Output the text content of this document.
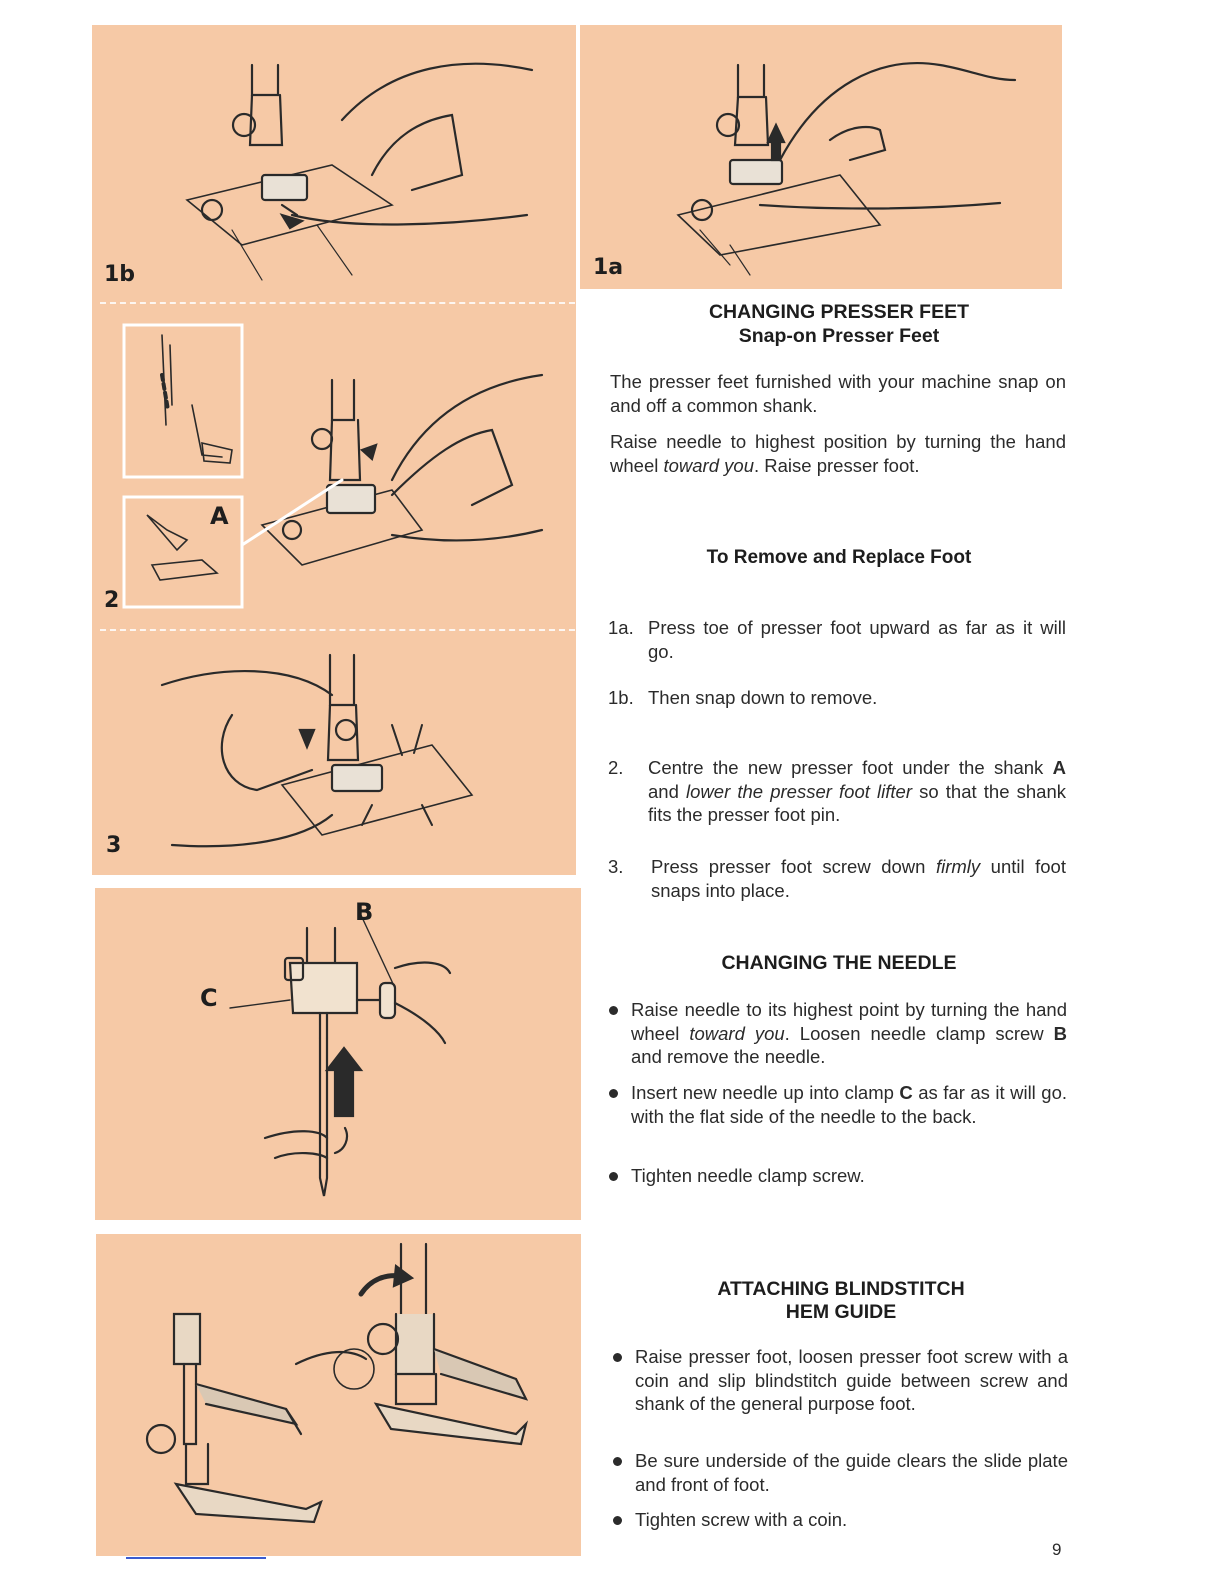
1b
2
3
A
B
C
1a
CHANGING PRESSER FEET
Snap-on Presser Feet
The presser feet furnished with your machine snap on and off a common shank.
Raise needle to highest position by turning the hand wheel toward you. Raise presser foot.
To Remove and Replace Foot
1a. Press toe of presser foot upward as far as it will go.
1b. Then snap down to remove.
2. Centre the new presser foot under the shank A and lower the presser foot lifter so that the shank fits the presser foot pin.
3. Press presser foot screw down firmly until foot snaps into place.
CHANGING THE NEEDLE
Raise needle to its highest point by turning the hand wheel toward you. Loosen needle clamp screw B and remove the needle.
Insert new needle up into clamp C as far as it will go. with the flat side of the needle to the back.
Tighten needle clamp screw.
ATTACHING BLINDSTITCH
HEM GUIDE
Raise presser foot, loosen presser foot screw with a coin and slip blindstitch guide between screw and shank of the general purpose foot.
Be sure underside of the guide clears the slide plate and front of foot.
Tighten screw with a coin.
9
